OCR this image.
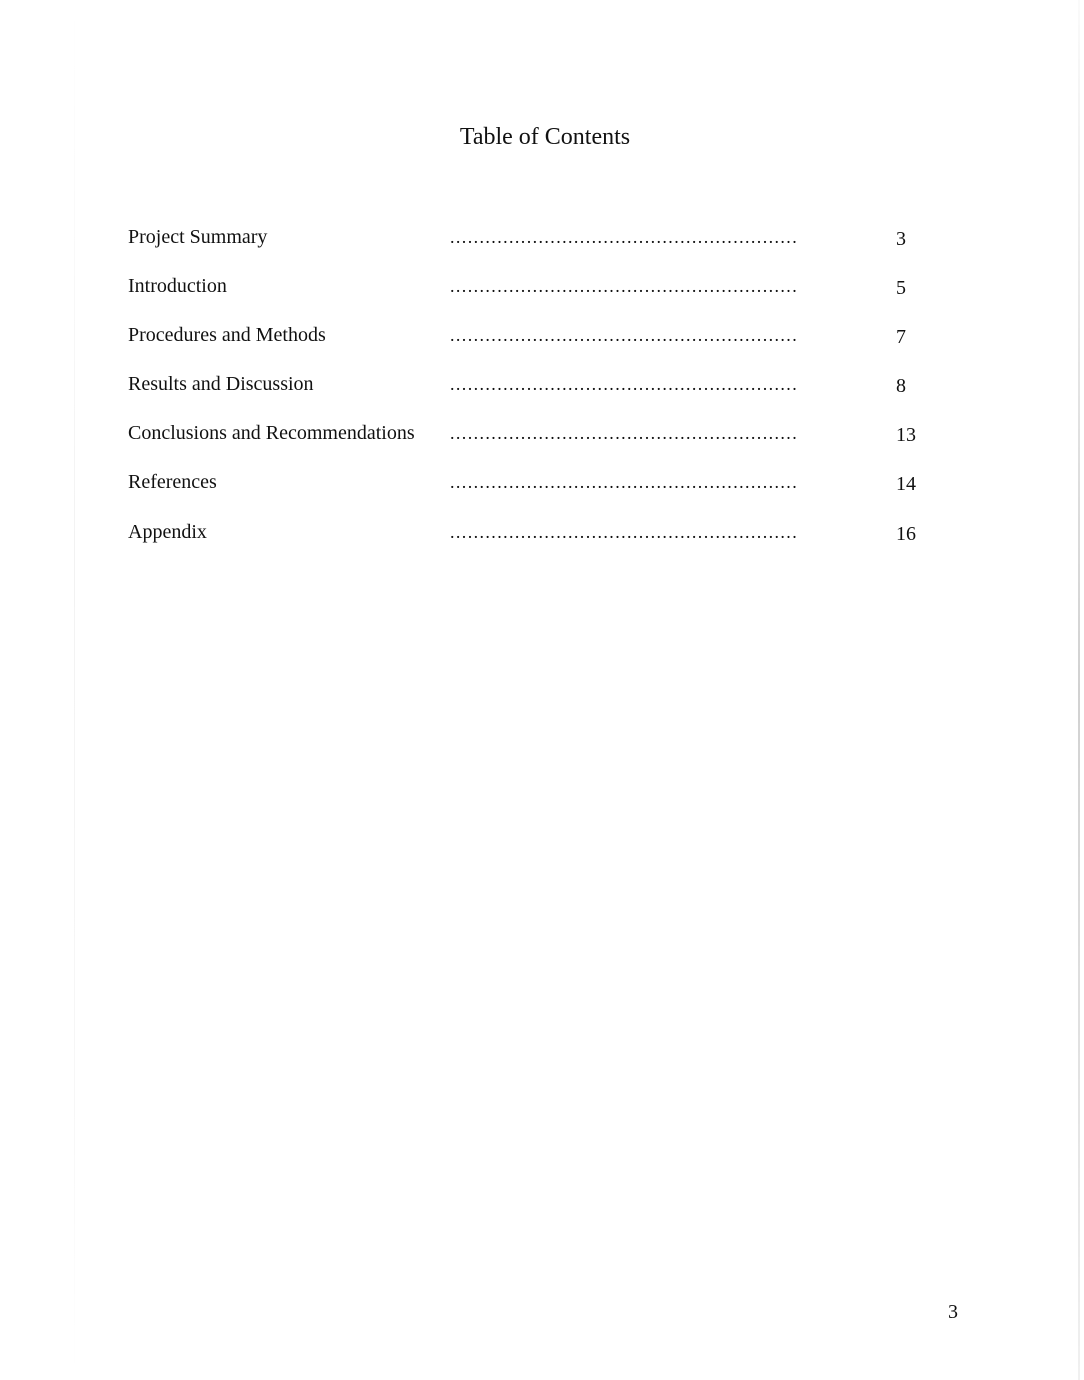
Table of Contents
Project Summary	...........................................................	3
Introduction	...........................................................	5
Procedures and Methods	...........................................................	7
Results and Discussion	...........................................................	8
Conclusions and Recommendations ...........................................................	13
References	...........................................................	14
Appendix	...........................................................	16
3
